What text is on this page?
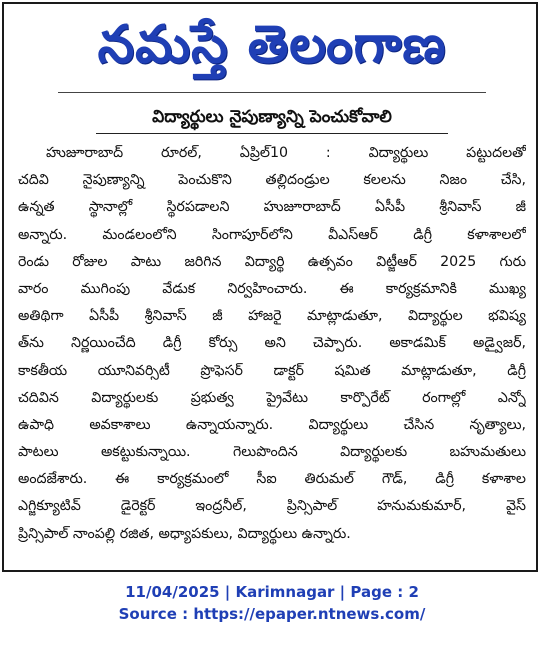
నమస్తే తెలంగాణ
విద్యార్థులు నైపుణ్యాన్ని పెంచుకోవాలి
హుజూరాబాద్ రూరల్, ఏప్రిల్10 : విద్యార్థులు పట్టుదలతో
చదివి నైపుణ్యాన్ని పెంచుకొని తల్లిదండ్రుల కలలను నిజం చేసి,
ఉన్నత స్థానాల్లో స్థిరపడాలని హుజూరాబాద్ ఏసీపీ శ్రీనివాస్ జీ
అన్నారు. మండలంలోని సింగాపూర్‌లోని వీఎస్ఆర్ డిగ్రీ కళాశాలలో
రెండు రోజుల పాటు జరిగిన విద్యార్థి ఉత్సవం విట్జీఆర్ 2025 గురు
వారం ముగింపు వేడుక నిర్వహించారు. ఈ కార్యక్రమానికి ముఖ్య
అతిథిగా ఏసీపీ శ్రీనివాస్ జీ హాజరై మాట్లాడుతూ, విద్యార్థుల భవిష్య
త్‌ను నిర్ణయించేది డిగ్రీ కోర్సు అని చెప్పారు. అకాడమిక్ అడ్వైజర్,
కాకతీయ యూనివర్సిటీ ప్రొఫెసర్ డాక్టర్ షమిత మాట్లాడుతూ, డిగ్రీ
చదివిన విద్యార్థులకు ప్రభుత్వ ప్రైవేటు కార్పొరేట్ రంగాల్లో ఎన్నో
ఉపాధి అవకాశాలు ఉన్నాయన్నారు. విద్యార్థులు చేసిన నృత్యాలు,
పాటలు అకట్టుకున్నాయి. గెలుపొందిన విద్యార్థులకు బహుమతులు
అందజేశారు. ఈ కార్యక్రమంలో సీఐ తిరుమల్ గౌడ్, డిగ్రీ కళాశాల
ఎగ్జిక్యూటివ్ డైరెక్టర్ ఇంద్రనీల్, ప్రిన్సిపాల్ హనుమకుమార్, వైస్
ప్రిన్సిపాల్ నాంపల్లి రజిత, అధ్యాపకులు, విద్యార్థులు ఉన్నారు.
11/04/2025 | Karimnagar | Page : 2
Source : https://epaper.ntnews.com/
